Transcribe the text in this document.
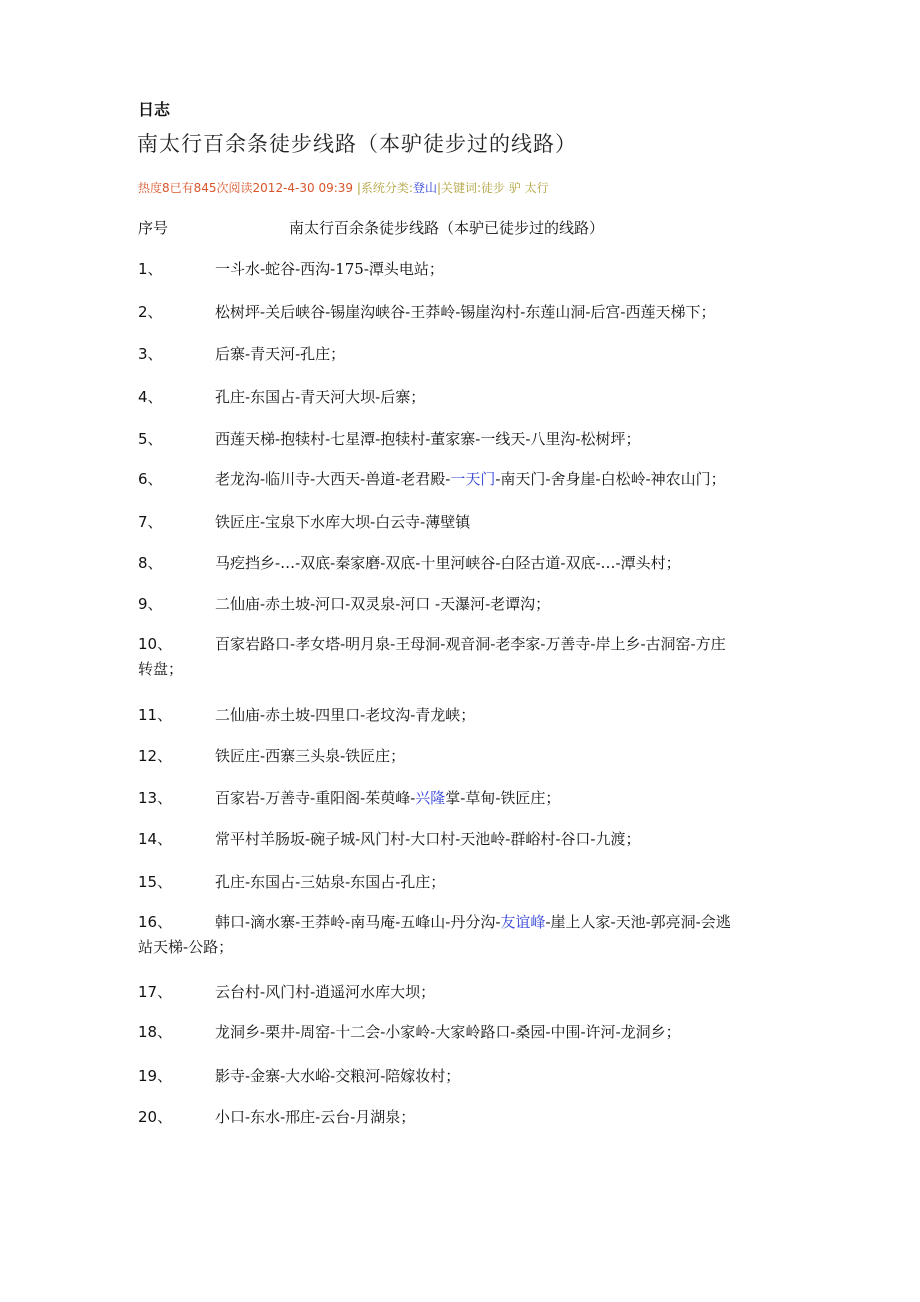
日志
南太行百余条徒步线路（本驴徒步过的线路）
热度8已有845次阅读2012-4-30 09:39 |系统分类:登山|关键词:徒步 驴 太行
序号	南太行百余条徒步线路（本驴已徒步过的线路）
1、	一斗水-蛇谷-西沟-175-潭头电站；
2、	松树坪-关后峡谷-锡崖沟峡谷-王莽岭-锡崖沟村-东莲山洞-后宫-西莲天梯下；
3、	后寨-青天河-孔庄；
4、	孔庄-东国占-青天河大坝-后寨；
5、	西莲天梯-抱犊村-七星潭-抱犊村-董家寨-一线天-八里沟-松树坪；
6、	老龙沟-临川寺-大西天-兽道-老君殿-一天门-南天门-舍身崖-白松岭-神农山门；
7、	铁匠庄-宝泉下水库大坝-白云寺-薄壁镇
8、	马疙挡乡-…-双底-秦家磨-双底-十里河峡谷-白陉古道-双底-…-潭头村；
9、	二仙庙-赤土坡-河口-双灵泉-河口 -天瀑河-老谭沟；
10、	百家岩路口-孝女塔-明月泉-王母洞-观音洞-老李家-万善寺-岸上乡-古洞窑-方庄
转盘；
11、	二仙庙-赤土坡-四里口-老坟沟-青龙峡；
12、	铁匠庄-西寨三头泉-铁匠庄；
13、	百家岩-万善寺-重阳阁-茱萸峰-兴隆掌-草甸-铁匠庄；
14、	常平村羊肠坂-碗子城-风门村-大口村-天池岭-群峪村-谷口-九渡；
15、	孔庄-东国占-三姑泉-东国占-孔庄；
16、	韩口-滴水寨-王莽岭-南马庵-五峰山-丹分沟-友谊峰-崖上人家-天池-郭亮洞-会逃
站天梯-公路；
17、	云台村-风门村-逍遥河水库大坝；
18、	龙洞乡-栗井-周窑-十二会-小家岭-大家岭路口-桑园-中围-许河-龙洞乡；
19、	影寺-金寨-大水峪-交粮河-陪嫁妆村；
20、	小口-东水-邢庄-云台-月湖泉；
